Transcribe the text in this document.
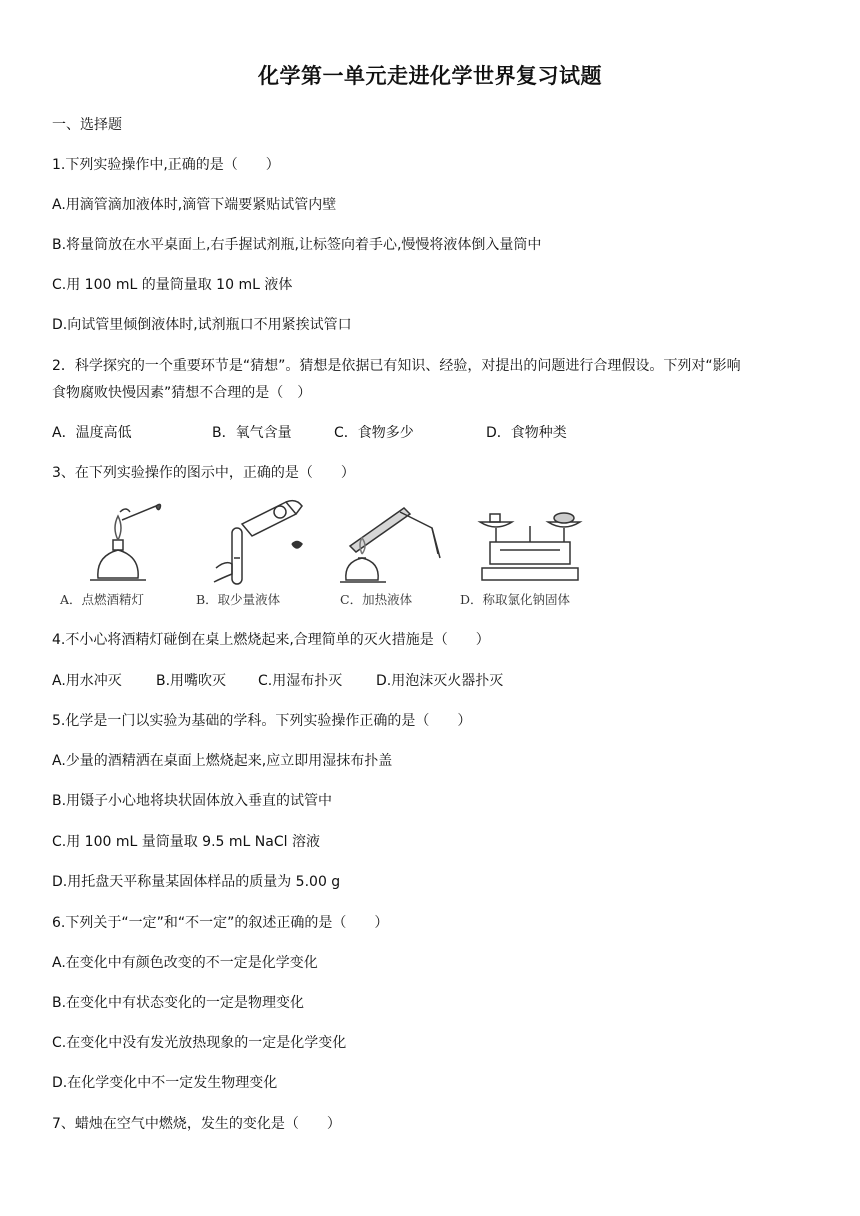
化学第一单元走进化学世界复习试题
一、选择题
1.下列实验操作中,正确的是（　　）
A.用滴管滴加液体时,滴管下端要紧贴试管内壁
B.将量筒放在水平桌面上,右手握试剂瓶,让标签向着手心,慢慢将液体倒入量筒中
C.用 100 mL 的量筒量取 10 mL 液体
D.向试管里倾倒液体时,试剂瓶口不用紧挨试管口
2．科学探究的一个重要环节是“猜想”。猜想是依据已有知识、经验，对提出的问题进行合理假设。下列对“影响
食物腐败快慢因素”猜想不合理的是（　）
A．温度高低	B．氧气含量	C．食物多少	D．食物种类
3、在下列实验操作的图示中，正确的是（　　）
A．点燃酒精灯	B．取少量液体	C．加热液体	D．称取氯化钠固体
4.不小心将酒精灯碰倒在桌上燃烧起来,合理简单的灭火措施是（　　）
A.用水冲灭 B.用嘴吹灭 C.用湿布扑灭 D.用泡沫灭火器扑灭
5.化学是一门以实验为基础的学科。下列实验操作正确的是（　　）
A.少量的酒精洒在桌面上燃烧起来,应立即用湿抹布扑盖
B.用镊子小心地将块状固体放入垂直的试管中
C.用 100 mL 量筒量取 9.5 mL NaCl 溶液
D.用托盘天平称量某固体样品的质量为 5.00 g
6.下列关于“一定”和“不一定”的叙述正确的是（　　）
A.在变化中有颜色改变的不一定是化学变化
B.在变化中有状态变化的一定是物理变化
C.在变化中没有发光放热现象的一定是化学变化
D.在化学变化中不一定发生物理变化
7、蜡烛在空气中燃烧，发生的变化是（　　）
